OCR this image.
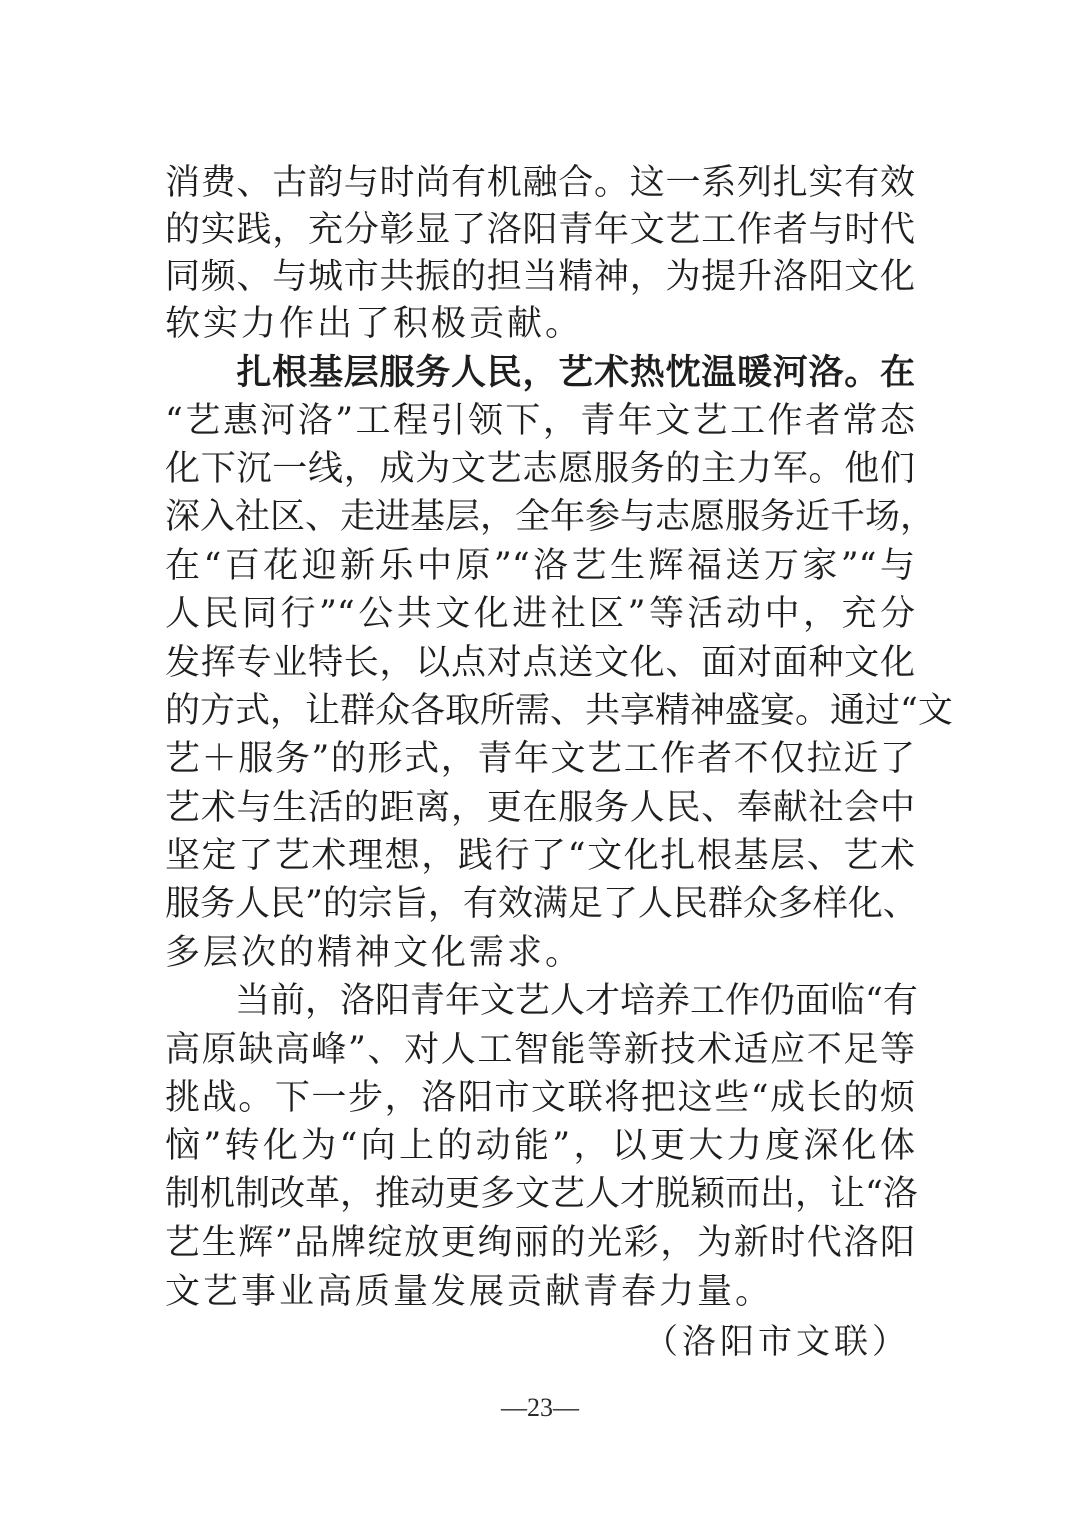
消费、古韵与时尚有机融合。这一系列扎实有效
的实践，充分彰显了洛阳青年文艺工作者与时代
同频、与城市共振的担当精神，为提升洛阳文化
软实力作出了积极贡献。
　　扎根基层服务人民，艺术热忱温暖河洛。在
“艺惠河洛”工程引领下，青年文艺工作者常态
化下沉一线，成为文艺志愿服务的主力军。他们
深入社区、走进基层，全年参与志愿服务近千场，
在“百花迎新乐中原”“洛艺生辉福送万家”“与
人民同行”“公共文化进社区”等活动中，充分
发挥专业特长，以点对点送文化、面对面种文化
的方式，让群众各取所需、共享精神盛宴。通过“文
艺＋服务”的形式，青年文艺工作者不仅拉近了
艺术与生活的距离，更在服务人民、奉献社会中
坚定了艺术理想，践行了“文化扎根基层、艺术
服务人民”的宗旨，有效满足了人民群众多样化、
多层次的精神文化需求。
　　当前，洛阳青年文艺人才培养工作仍面临“有
高原缺高峰”、对人工智能等新技术适应不足等
挑战。下一步，洛阳市文联将把这些“成长的烦
恼”转化为“向上的动能”，以更大力度深化体
制机制改革，推动更多文艺人才脱颖而出，让“洛
艺生辉”品牌绽放更绚丽的光彩，为新时代洛阳
文艺事业高质量发展贡献青春力量。
（洛阳市文联）
—23—
